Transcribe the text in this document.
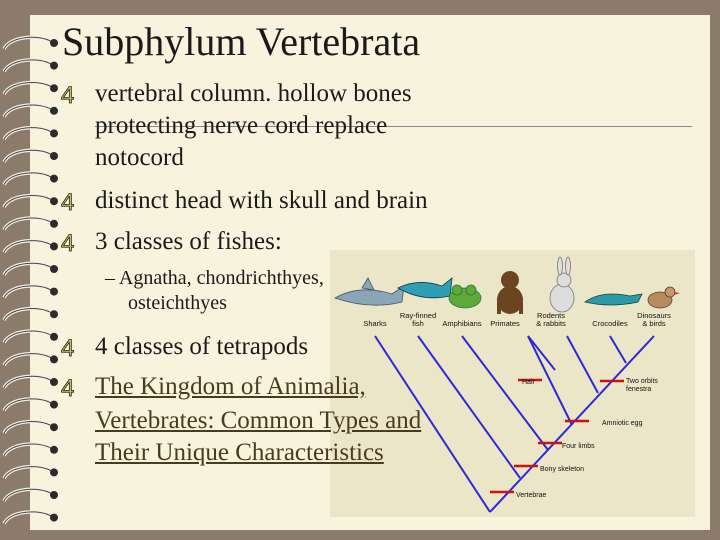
Subphylum Vertebrata
4 vertebral column. hollow bones
protecting nerve cord replace
notocord
4 distinct head with skull and brain
4 3 classes of fishes:
– Agnatha, chondrichthyes,
osteichthyes
Sharks
Ray-finned
fish Amphibians Primates
Rodents
& rabbits	Crocodiles
Dinosaurs
& birds
Hair	Two orbits
fenestra
Amniotic egg
Four limbs
Bony skeleton
Vertebrae
4 4 classes of tetrapods
4 The Kingdom of Animalia,
Vertebrates: Common Types and
Their Unique Characteristics
